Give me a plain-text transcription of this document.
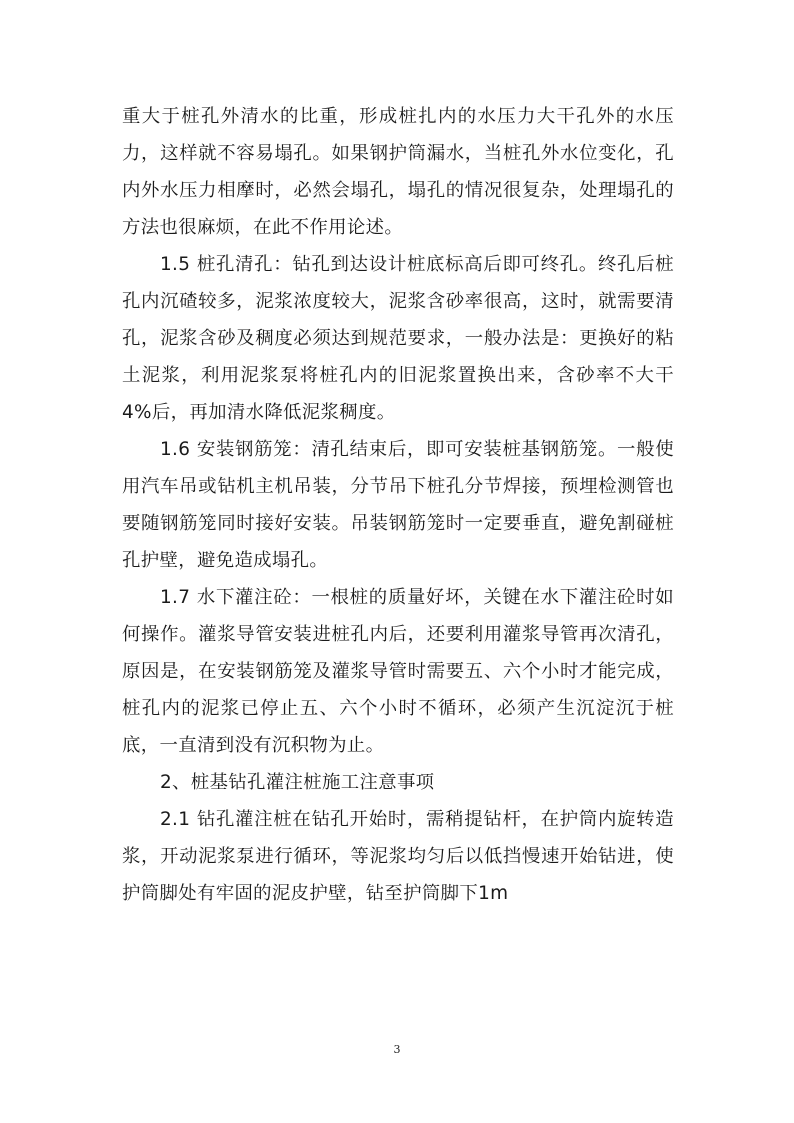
重大于桩孔外清水的比重，形成桩扎内的水压力大干孔外的水压力，这样就不容易塌孔。如果钢护筒漏水，当桩孔外水位变化，孔内外水压力相摩时，必然会塌孔，塌孔的情况很复杂，处理塌孔的方法也很麻烦，在此不作用论述。

1.5 桩孔清孔：钻孔到达设计桩底标高后即可终孔。终孔后桩孔内沉碴较多，泥浆浓度较大，泥浆含砂率很高，这时，就需要清孔，泥浆含砂及稠度必须达到规范要求，一般办法是：更换好的粘土泥浆，利用泥浆泵将桩孔内的旧泥浆置换出来，含砂率不大干4%后，再加清水降低泥浆稠度。

1.6 安装钢筋笼：清孔结束后，即可安装桩基钢筋笼。一般使用汽车吊或钻机主机吊装，分节吊下桩孔分节焊接，预埋检测管也要随钢筋笼同时接好安装。吊装钢筋笼时一定要垂直，避免割碰桩孔护壁，避免造成塌孔。

1.7 水下灌注砼：一根桩的质量好坏，关键在水下灌注砼时如何操作。灌浆导管安装进桩孔内后，还要利用灌浆导管再次清孔，原因是，在安装钢筋笼及灌浆导管时需要五、六个小时才能完成，桩孔内的泥浆已停止五、六个小时不循环，必须产生沉淀沉于桩底，一直清到没有沉积物为止。

2、桩基钻孔灌注桩施工注意事项

2.1 钻孔灌注桩在钻孔开始时，需稍提钻杆，在护筒内旋转造浆，开动泥浆泵进行循环，等泥浆均匀后以低挡慢速开始钻进，使护筒脚处有牢固的泥皮护壁，钻至护筒脚下1m

3
